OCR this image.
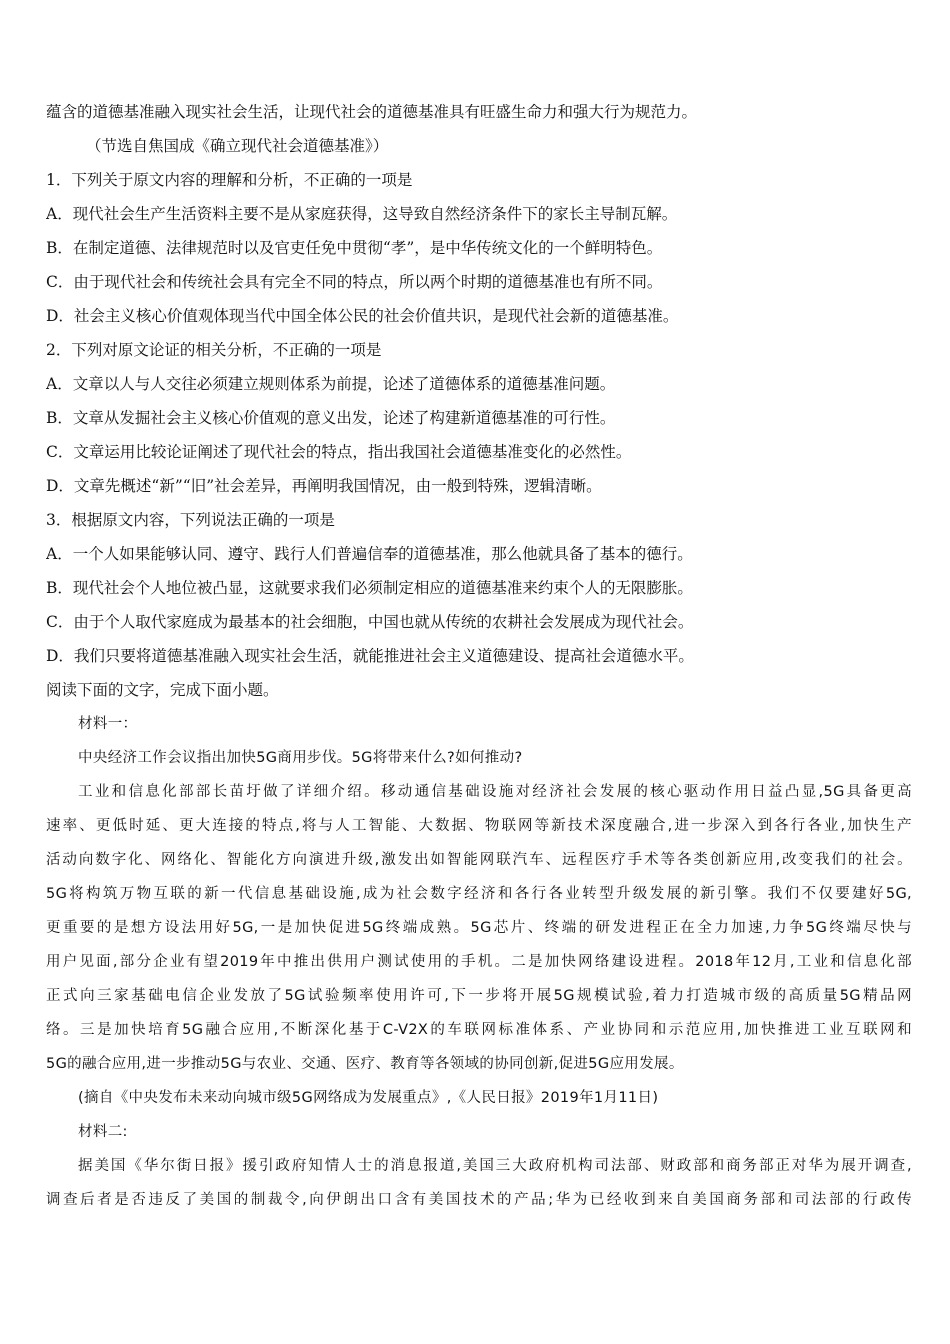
蕴含的道德基准融入现实社会生活，让现代社会的道德基准具有旺盛生命力和强大行为规范力。
（节选自焦国成《确立现代社会道德基准》）
1．下列关于原文内容的理解和分析，不正确的一项是
A．现代社会生产生活资料主要不是从家庭获得，这导致自然经济条件下的家长主导制瓦解。
B．在制定道德、法律规范时以及官吏任免中贯彻“孝”，是中华传统文化的一个鲜明特色。
C．由于现代社会和传统社会具有完全不同的特点，所以两个时期的道德基准也有所不同。
D．社会主义核心价值观体现当代中国全体公民的社会价值共识，是现代社会新的道德基准。
2．下列对原文论证的相关分析，不正确的一项是
A．文章以人与人交往必须建立规则体系为前提，论述了道德体系的道德基准问题。
B．文章从发掘社会主义核心价值观的意义出发，论述了构建新道德基准的可行性。
C．文章运用比较论证阐述了现代社会的特点，指出我国社会道德基准变化的必然性。
D．文章先概述“新”“旧”社会差异，再阐明我国情况，由一般到特殊，逻辑清晰。
3．根据原文内容，下列说法正确的一项是
A．一个人如果能够认同、遵守、践行人们普遍信奉的道德基准，那么他就具备了基本的德行。
B．现代社会个人地位被凸显，这就要求我们必须制定相应的道德基准来约束个人的无限膨胀。
C．由于个人取代家庭成为最基本的社会细胞，中国也就从传统的农耕社会发展成为现代社会。
D．我们只要将道德基准融入现实社会生活，就能推进社会主义道德建设、提高社会道德水平。
阅读下面的文字，完成下面小题。
材料一：
中央经济工作会议指出加快5G商用步伐。5G将带来什么?如何推动?
工业和信息化部部长苗圩做了详细介绍。移动通信基础设施对经济社会发展的核心驱动作用日益凸显,5G具备更高
速率、更低时延、更大连接的特点,将与人工智能、大数据、物联网等新技术深度融合,进一步深入到各行各业,加快生产
活动向数字化、网络化、智能化方向演进升级,激发出如智能网联汽车、远程医疗手术等各类创新应用,改变我们的社会。
5G将构筑万物互联的新一代信息基础设施,成为社会数字经济和各行各业转型升级发展的新引擎。我们不仅要建好5G,
更重要的是想方设法用好5G,一是加快促进5G终端成熟。5G芯片、终端的研发进程正在全力加速,力争5G终端尽快与
用户见面,部分企业有望2019年中推出供用户测试使用的手机。二是加快网络建设进程。2018年12月,工业和信息化部
正式向三家基础电信企业发放了5G试验频率使用许可,下一步将开展5G规模试验,着力打造城市级的高质量5G精品网
络。三是加快培育5G融合应用,不断深化基于C-V2X的车联网标准体系、产业协同和示范应用,加快推进工业互联网和
5G的融合应用,进一步推动5G与农业、交通、医疗、教育等各领域的协同创新,促进5G应用发展。
(摘自《中央发布未来动向城市级5G网络成为发展重点》,《人民日报》2019年1月11日)
材料二:
据美国《华尔街日报》援引政府知情人士的消息报道,美国三大政府机构司法部、财政部和商务部正对华为展开调查,
调查后者是否违反了美国的制裁令,向伊朗出口含有美国技术的产品;华为已经收到来自美国商务部和司法部的行政传
